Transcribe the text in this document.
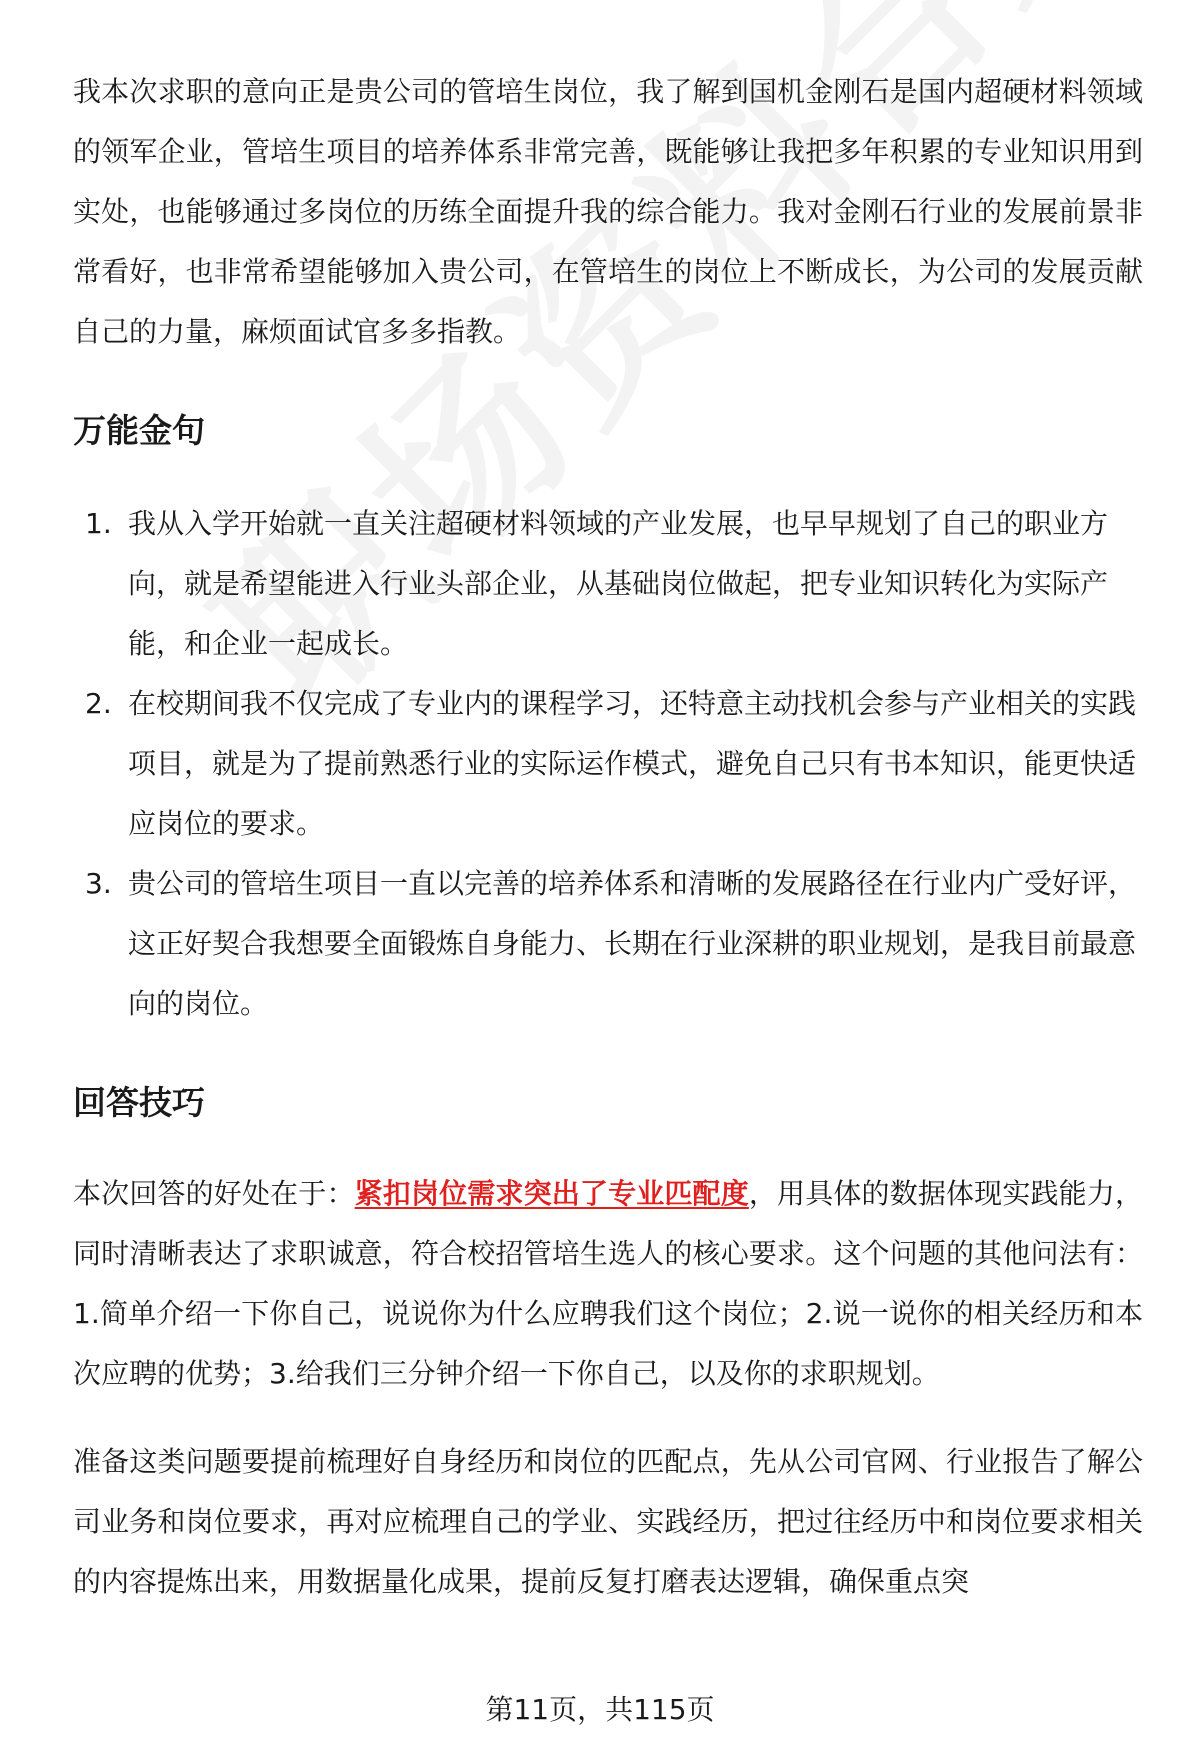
我本次求职的意向正是贵公司的管培生岗位，我了解到国机金刚石是国内超硬材料领域的领军企业，管培生项目的培养体系非常完善，既能够让我把多年积累的专业知识用到实处，也能够通过多岗位的历练全面提升我的综合能力。我对金刚石行业的发展前景非常看好，也非常希望能够加入贵公司，在管培生的岗位上不断成长，为公司的发展贡献自己的力量，麻烦面试官多多指教。

万能金句
1. 我从入学开始就一直关注超硬材料领域的产业发展，也早早规划了自己的职业方向，就是希望能进入行业头部企业，从基础岗位做起，把专业知识转化为实际产能，和企业一起成长。
2. 在校期间我不仅完成了专业内的课程学习，还特意主动找机会参与产业相关的实践项目，就是为了提前熟悉行业的实际运作模式，避免自己只有书本知识，能更快适应岗位的要求。
3. 贵公司的管培生项目一直以完善的培养体系和清晰的发展路径在行业内广受好评，这正好契合我想要全面锻炼自身能力、长期在行业深耕的职业规划，是我目前最意向的岗位。
回答技巧

本次回答的好处在于：紧扣岗位需求突出了专业匹配度，用具体的数据体现实践能力，同时清晰表达了求职诚意，符合校招管培生选人的核心要求。这个问题的其他问法有：1.简单介绍一下你自己，说说你为什么应聘我们这个岗位；2.说一说你的相关经历和本次应聘的优势；3.给我们三分钟介绍一下你自己，以及你的求职规划。

准备这类问题要提前梳理好自身经历和岗位的匹配点，先从公司官网、行业报告了解公司业务和岗位要求，再对应梳理自己的学业、实践经历，把过往经历中和岗位要求相关的内容提炼出来，用数据量化成果，提前反复打磨表达逻辑，确保重点突

第11页，共115页
